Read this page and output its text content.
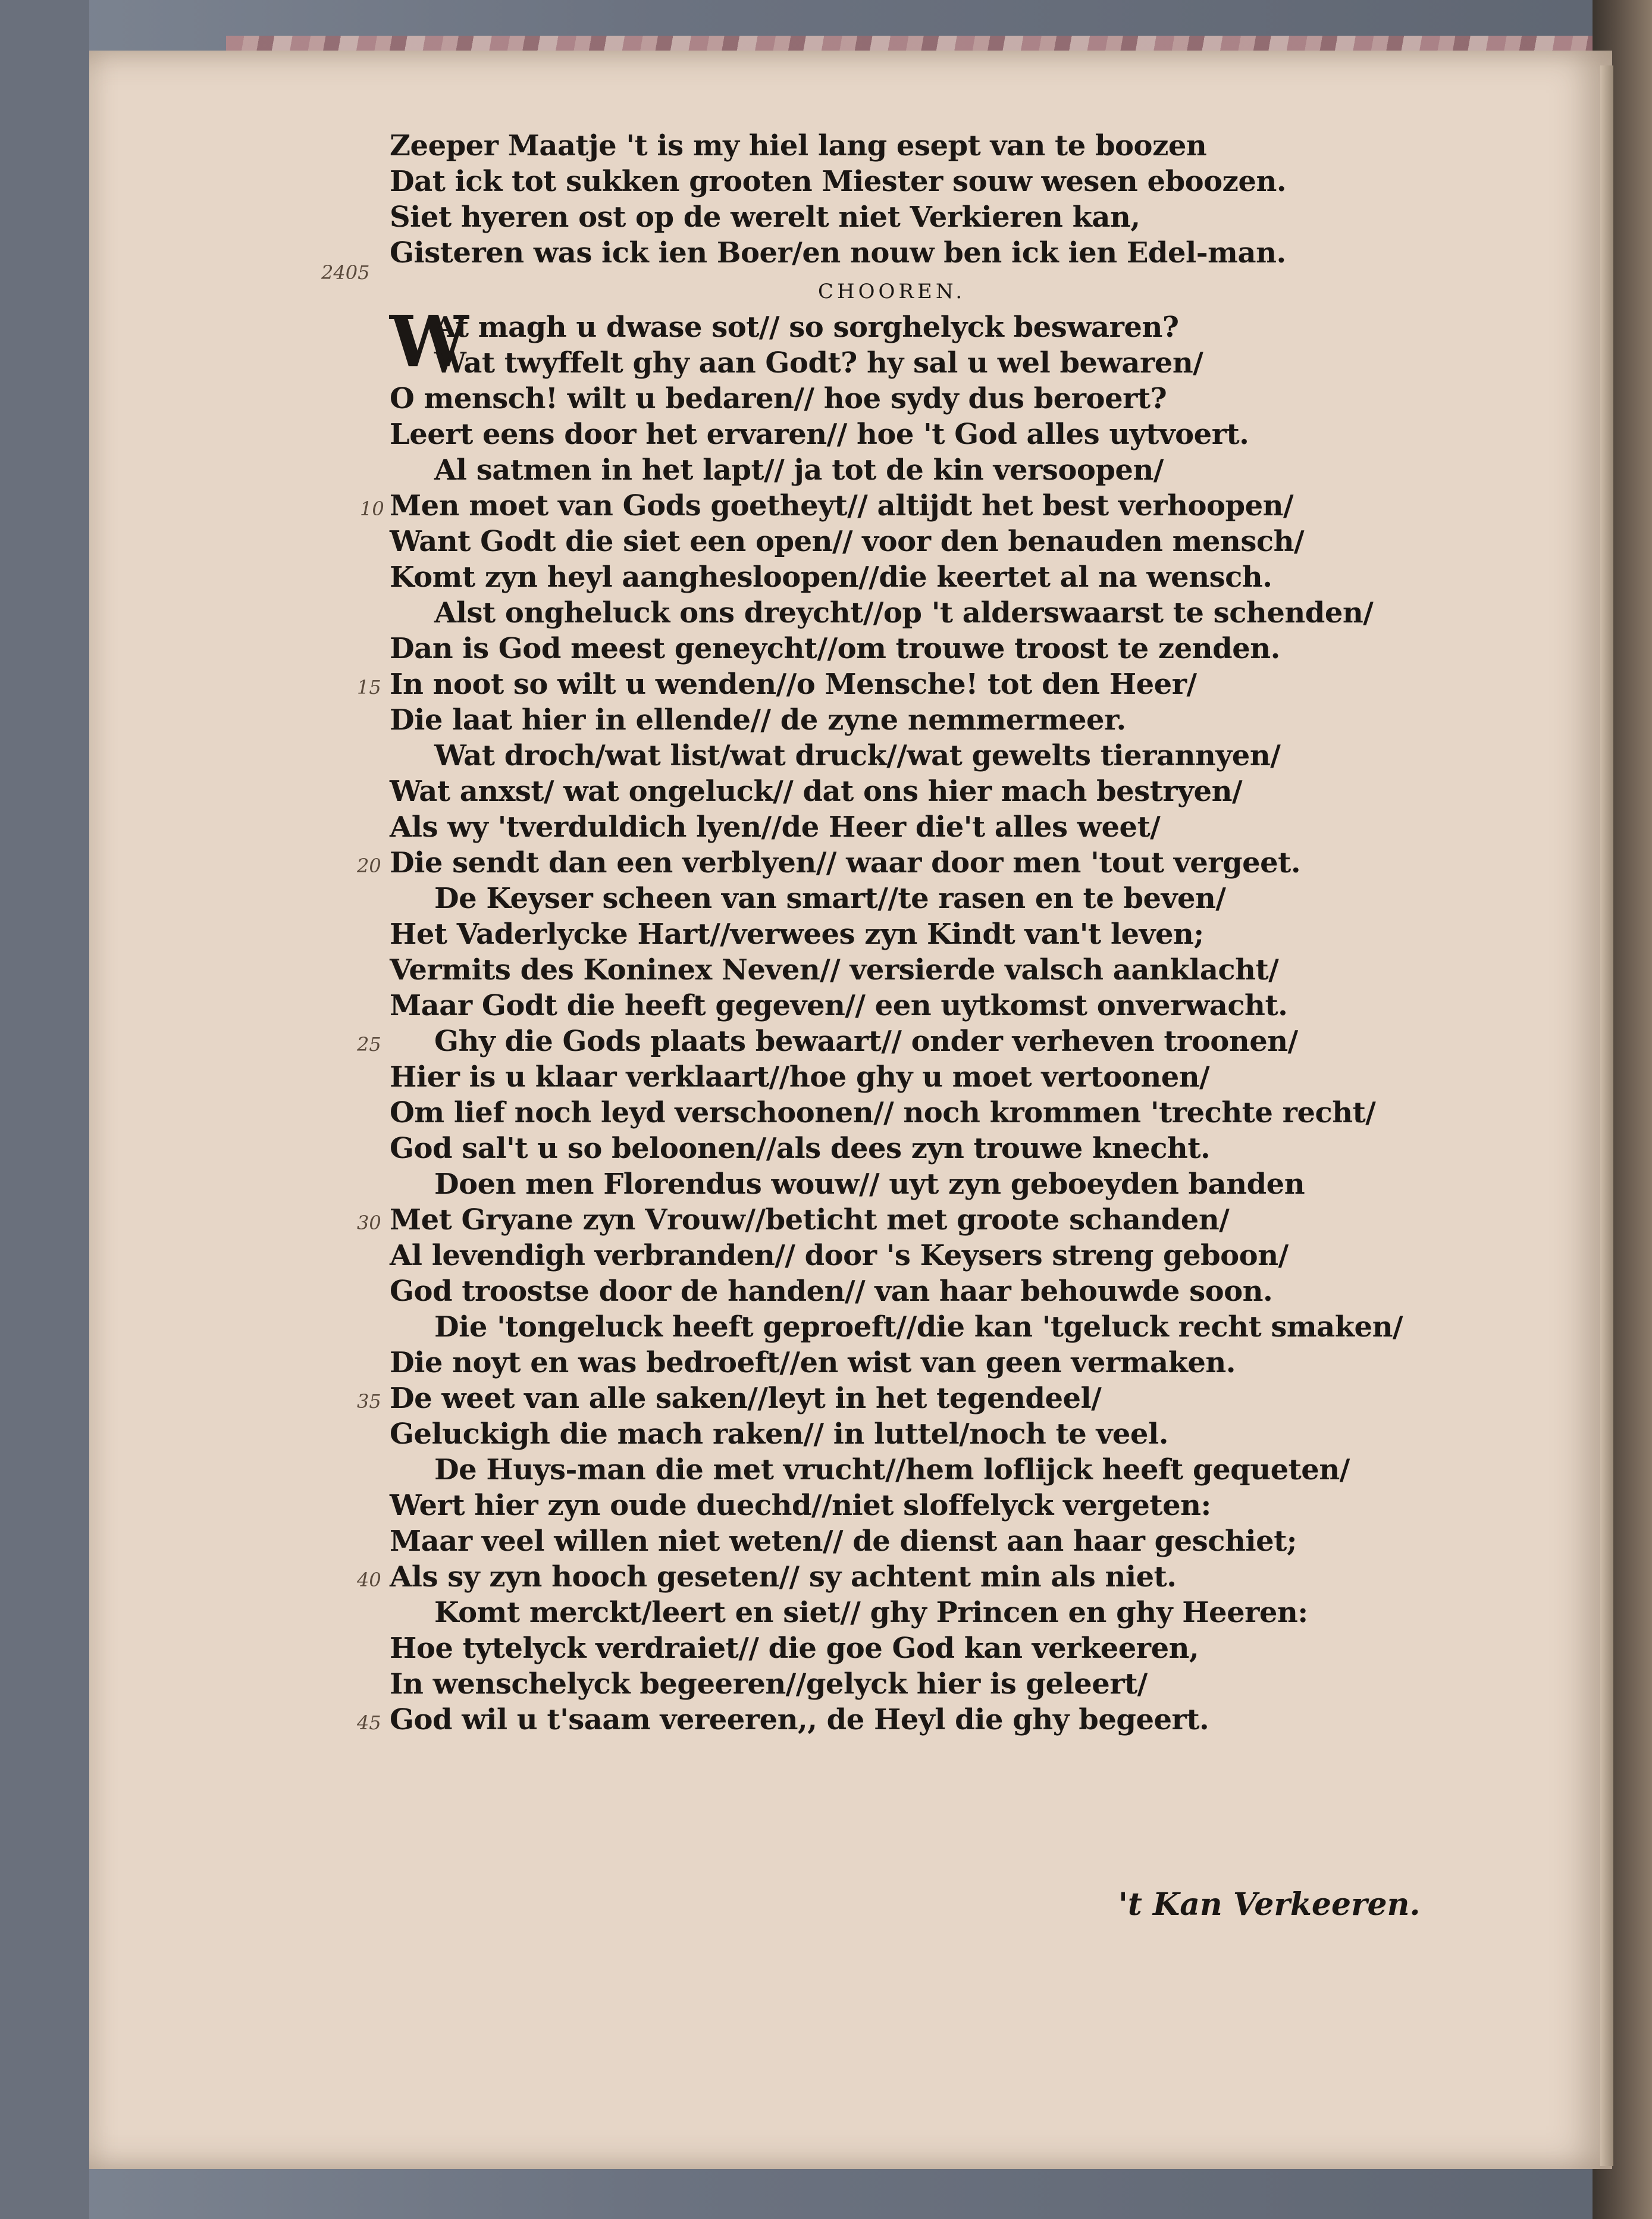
Zeeper Maatje 't is my hiel lang esept van te boozen
Dat ick tot sukken grooten Miester souw wesen eboozen.
Siet hyeren ost op de werelt niet Verkieren kan,
Gisteren was ick ien Boer/en nouw ben ick ien Edel-man.
CHOOREN.
W
At magh u dwase sot// so sorghelyck beswaren?
Wat twyffelt ghy aan Godt? hy sal u wel bewaren/
O mensch! wilt u bedaren// hoe sydy dus beroert?
Leert eens door het ervaren// hoe 't God alles uytvoert.
Al satmen in het lapt// ja tot de kin versoopen/
Men moet van Gods goetheyt// altijdt het best verhoopen/
Want Godt die siet een open// voor den benauden mensch/
Komt zyn heyl aanghesloopen//die keertet al na wensch.
Alst ongheluck ons dreycht//op 't alderswaarst te schenden/
Dan is God meest geneycht//om trouwe troost te zenden.
In noot so wilt u wenden//o Mensche! tot den Heer/
Die laat hier in ellende// de zyne nemmermeer.
Wat droch/wat list/wat druck//wat gewelts tierannyen/
Wat anxst/ wat ongeluck// dat ons hier mach bestryen/
Als wy 'tverduldich lyen//de Heer die't alles weet/
Die sendt dan een verblyen// waar door men 'tout vergeet.
De Keyser scheen van smart//te rasen en te beven/
Het Vaderlycke Hart//verwees zyn Kindt van't leven;
Vermits des Koninex Neven// versierde valsch aanklacht/
Maar Godt die heeft gegeven// een uytkomst onverwacht.
Ghy die Gods plaats bewaart// onder verheven troonen/
Hier is u klaar verklaart//hoe ghy u moet vertoonen/
Om lief noch leyd verschoonen// noch krommen 'trechte recht/
God sal't u so beloonen//als dees zyn trouwe knecht.
Doen men Florendus wouw// uyt zyn geboeyden banden
Met Gryane zyn Vrouw//beticht met groote schanden/
Al levendigh verbranden// door 's Keysers streng geboon/
God troostse door de handen// van haar behouwde soon.
Die 'tongeluck heeft geproeft//die kan 'tgeluck recht smaken/
Die noyt en was bedroeft//en wist van geen vermaken.
De weet van alle saken//leyt in het tegendeel/
Geluckigh die mach raken// in luttel/noch te veel.
De Huys-man die met vrucht//hem loflijck heeft gequeten/
Wert hier zyn oude duechd//niet sloffelyck vergeten:
Maar veel willen niet weten// de dienst aan haar geschiet;
Als sy zyn hooch geseten// sy achtent min als niet.
Komt merckt/leert en siet// ghy Princen en ghy Heeren:
Hoe tytelyck verdraiet// die goe God kan verkeeren,
In wenschelyck begeeren//gelyck hier is geleert/
God wil u t'saam vereeren,, de Heyl die ghy begeert.
2405
10
15
20
25
30
35
40
45
't Kan Verkeeren.
